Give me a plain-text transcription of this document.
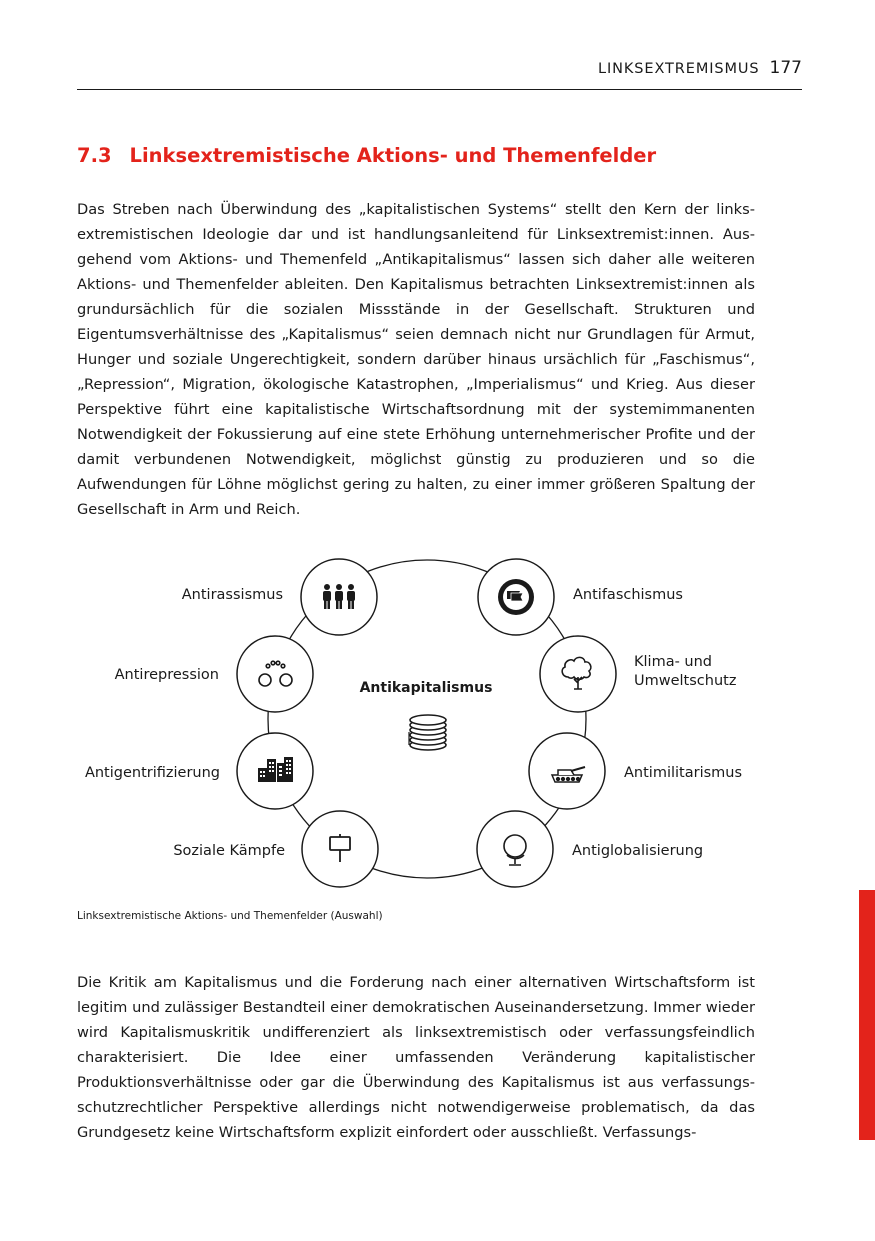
LINKSEXTREMISMUS 177
7.3 Linksextremistische Aktions- und Themenfelder

Das Streben nach Überwindung des „kapitalistischen Systems“ stellt den Kern der linksextremistischen Ideologie dar und ist handlungsanleitend für Linksextremist:innen. Ausgehend vom Aktions- und Themenfeld „Antikapitalismus“ lassen sich daher alle weiteren Aktions- und Themenfelder ableiten. Den Kapitalismus betrachten Linksextremist:innen als grundursächlich für die sozialen Missstände in der Gesellschaft. Strukturen und Eigentumsverhältnisse des „Kapitalismus“ seien demnach nicht nur Grundlagen für Armut, Hunger und soziale Ungerechtigkeit, sondern darüber hinaus ursächlich für „Faschismus“, „Repression“, Migration, ökologische Katastrophen, „Imperialismus“ und Krieg. Aus dieser Perspektive führt eine kapitalistische Wirtschaftsordnung mit der systemimmanenten Notwendigkeit der Fokussierung auf eine stete Erhöhung unternehmerischer Profite und der damit verbundenen Notwendigkeit, möglichst günstig zu produzieren und so die Aufwendungen für Löhne möglichst gering zu halten, zu einer immer größeren Spaltung der Gesellschaft in Arm und Reich.

Antikapitalismus
Antirassismus	Antifaschismus
Antirepression
Klima- und
Umweltschutz
Antigentrifizierung	Antimilitarismus
Soziale Kämpfe	Antiglobalisierung

Linksextremistische Aktions- und Themenfelder (Auswahl)

Die Kritik am Kapitalismus und die Forderung nach einer alternativen Wirtschaftsform ist legitim und zulässiger Bestandteil einer demokratischen Auseinandersetzung. Immer wieder wird Kapitalismuskritik undifferenziert als linksextremistisch oder verfassungsfeindlich charakterisiert. Die Idee einer umfassenden Veränderung kapitalistischer Produktionsverhältnisse oder gar die Überwindung des Kapitalismus ist aus verfassungsschutzrechtlicher Perspektive allerdings nicht notwendigerweise problematisch, da das Grundgesetz keine Wirtschaftsform explizit einfordert oder ausschließt. Verfassungs-
